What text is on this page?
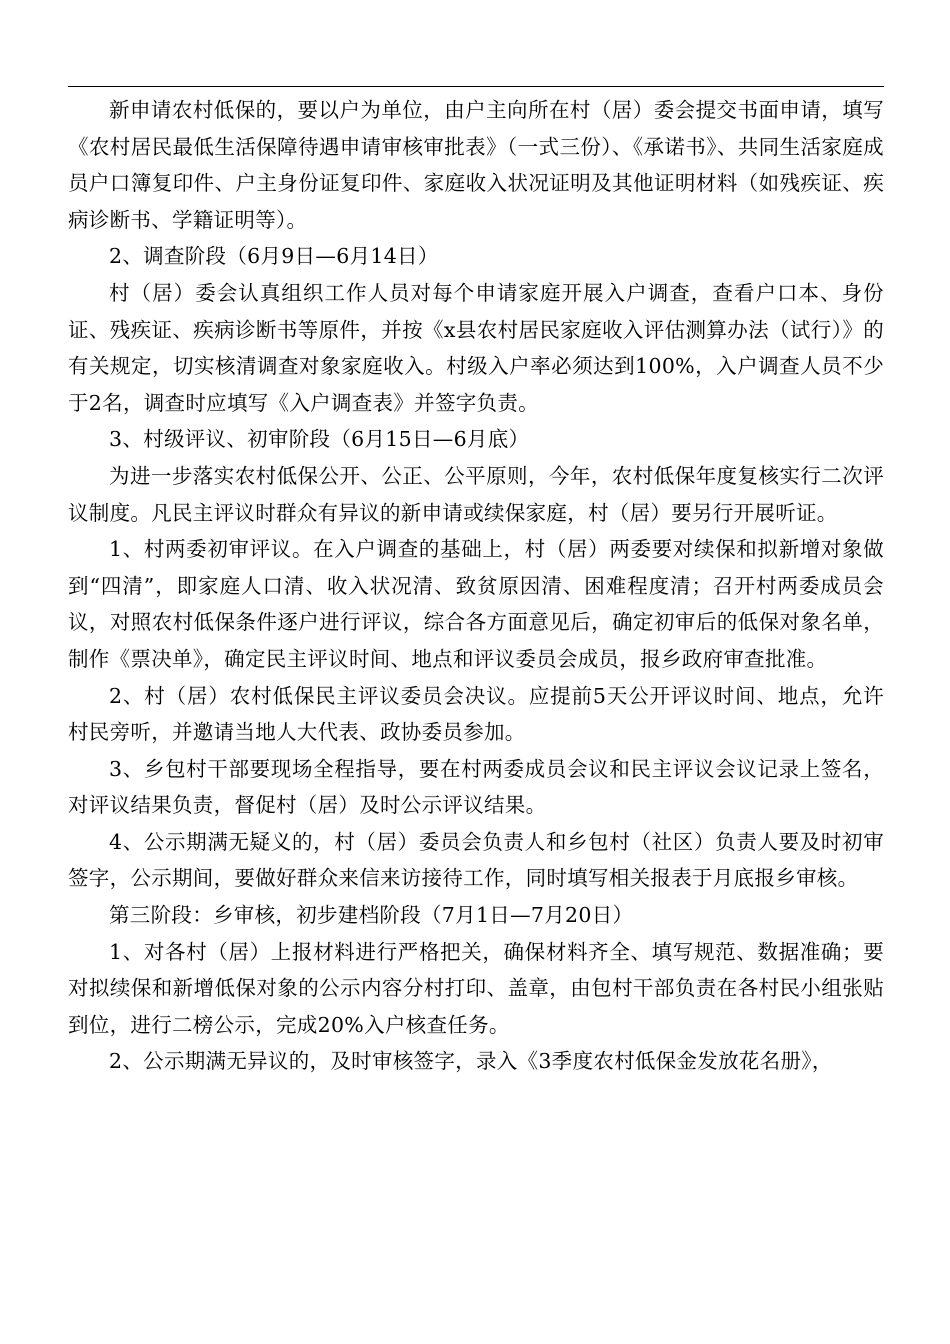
新申请农村低保的，要以户为单位，由户主向所在村（居）委会提交书面申请，填写《农村居民最低生活保障待遇申请审核审批表》（一式三份）、《承诺书》、共同生活家庭成员户口簿复印件、户主身份证复印件、家庭收入状况证明及其他证明材料（如残疾证、疾病诊断书、学籍证明等）。

2、调查阶段（6月9日—6月14日）

村（居）委会认真组织工作人员对每个申请家庭开展入户调查，查看户口本、身份证、残疾证、疾病诊断书等原件，并按《x县农村居民家庭收入评估测算办法（试行）》的有关规定，切实核清调查对象家庭收入。村级入户率必须达到100%，入户调查人员不少于2名，调查时应填写《入户调查表》并签字负责。

3、村级评议、初审阶段（6月15日—6月底）

为进一步落实农村低保公开、公正、公平原则，今年，农村低保年度复核实行二次评议制度。凡民主评议时群众有异议的新申请或续保家庭，村（居）要另行开展听证。

1、村两委初审评议。在入户调查的基础上，村（居）两委要对续保和拟新增对象做到“四清”，即家庭人口清、收入状况清、致贫原因清、困难程度清；召开村两委成员会议，对照农村低保条件逐户进行评议，综合各方面意见后，确定初审后的低保对象名单，制作《票决单》，确定民主评议时间、地点和评议委员会成员，报乡政府审查批准。

2、村（居）农村低保民主评议委员会决议。应提前5天公开评议时间、地点，允许村民旁听，并邀请当地人大代表、政协委员参加。

3、乡包村干部要现场全程指导，要在村两委成员会议和民主评议会议记录上签名，对评议结果负责，督促村（居）及时公示评议结果。

4、公示期满无疑义的，村（居）委员会负责人和乡包村（社区）负责人要及时初审签字，公示期间，要做好群众来信来访接待工作，同时填写相关报表于月底报乡审核。

第三阶段：乡审核，初步建档阶段（7月1日—7月20日）

1、对各村（居）上报材料进行严格把关，确保材料齐全、填写规范、数据准确；要对拟续保和新增低保对象的公示内容分村打印、盖章，由包村干部负责在各村民小组张贴到位，进行二榜公示，完成20%入户核查任务。

2、公示期满无异议的，及时审核签字，录入《3季度农村低保金发放花名册》，
